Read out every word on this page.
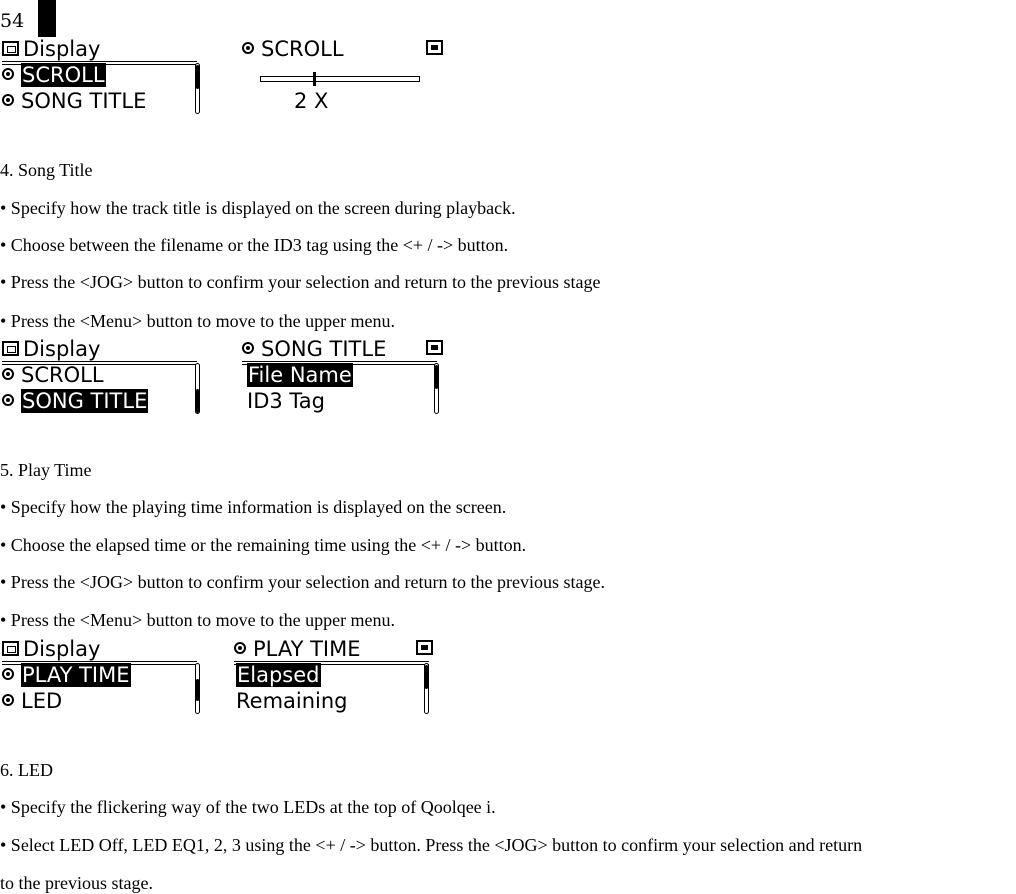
54
Display
SCROLL
SONG TITLE
SCROLL
2 X
4. Song Title
• Specify how the track title is displayed on the screen during playback.
• Choose between the filename or the ID3 tag using the <+ / -> button.
• Press the <JOG> button to confirm your selection and return to the previous stage
• Press the <Menu> button to move to the upper menu.
Display
SCROLL
SONG TITLE
SONG TITLE
File Name
ID3 Tag
5. Play Time
• Specify how the playing time information is displayed on the screen.
• Choose the elapsed time or the remaining time using the <+ / -> button.
• Press the <JOG> button to confirm your selection and return to the previous stage.
• Press the <Menu> button to move to the upper menu.
Display
PLAY TIME
LED
PLAY TIME
Elapsed
Remaining
6. LED
• Specify the flickering way of the two LEDs at the top of Qoolqee i.
• Select LED Off, LED EQ1, 2, 3 using the <+ / -> button. Press the <JOG> button to confirm your selection and return
to the previous stage.
